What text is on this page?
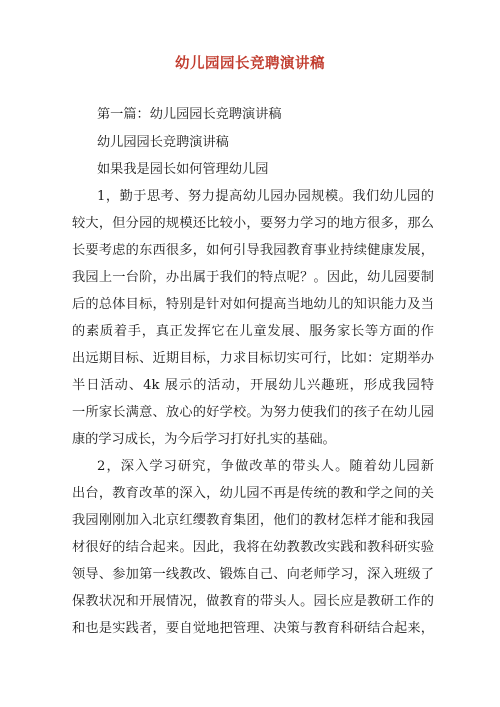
幼儿园园长竞聘演讲稿
第一篇：幼儿园园长竞聘演讲稿
幼儿园园长竞聘演讲稿
如果我是园长如何管理幼儿园
1，勤于思考、努力提高幼儿园办园规模。我们幼儿园的
较大，但分园的规模还比较小，要努力学习的地方很多，那么
长要考虑的东西很多，如何引导我园教育事业持续健康发展，
我园上一台阶，办出属于我们的特点呢？。因此，幼儿园要制
后的总体目标，特别是针对如何提高当地幼儿的知识能力及当
的素质着手，真正发挥它在儿童发展、服务家长等方面的作
出远期目标、近期目标，力求目标切实可行，比如：定期举办
半日活动、4k 展示的活动，开展幼儿兴趣班，形成我园特
一所家长满意、放心的好学校。为努力使我们的孩子在幼儿园
康的学习成长，为今后学习打好扎实的基础。
2，深入学习研究，争做改革的带头人。随着幼儿园新
出台，教育改革的深入，幼儿园不再是传统的教和学之间的关
我园刚刚加入北京红缨教育集团，他们的教材怎样才能和我园
材很好的结合起来。因此，我将在幼教教改实践和教科研实验
领导、参加第一线教改、锻炼自己、向老师学习，深入班级了
保教状况和开展情况，做教育的带头人。园长应是教研工作的
和也是实践者，要自觉地把管理、决策与教育科研结合起来，
